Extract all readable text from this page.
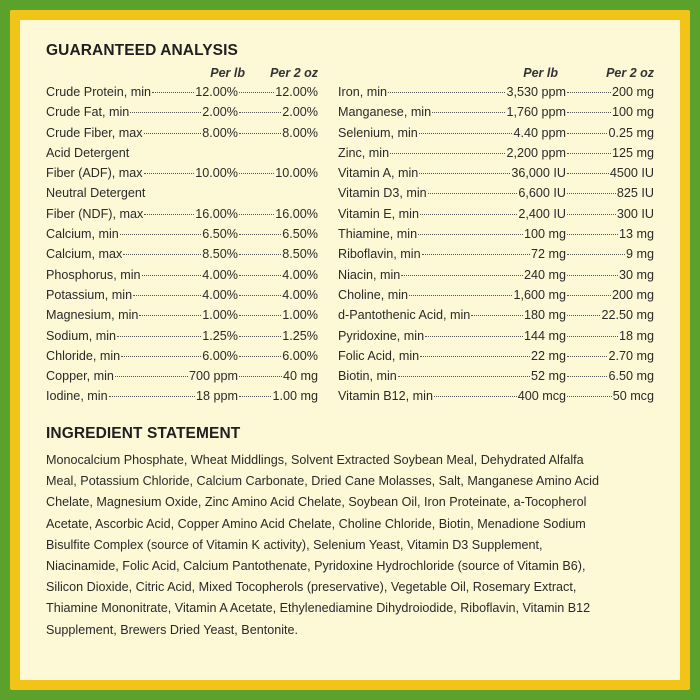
GUARANTEED ANALYSIS
Per lb	Per 2 oz	Per lb	Per 2 oz
Crude Protein, min	12.00%	12.00%
Crude Fat, min	2.00%	2.00%
Crude Fiber, max	8.00%	8.00%
Acid Detergent
Fiber (ADF), max	10.00%	10.00%
Neutral Detergent
Fiber (NDF), max	16.00%	16.00%
Calcium, min	6.50%	6.50%
Calcium, max	8.50%	8.50%
Phosphorus, min	4.00%	4.00%
Potassium, min	4.00%	4.00%
Magnesium, min	1.00%	1.00%
Sodium, min	1.25%	1.25%
Chloride, min	6.00%	6.00%
Copper, min	700 ppm	40 mg
Iodine, min	18 ppm	1.00 mg
Iron, min	3,530 ppm	200 mg
Manganese, min	1,760 ppm	100 mg
Selenium, min	4.40 ppm	0.25 mg
Zinc, min	2,200 ppm	125 mg
Vitamin A, min	36,000 IU	4500 IU
Vitamin D3, min	6,600 IU	825 IU
Vitamin E, min	2,400 IU	300 IU
Thiamine, min	100 mg	13 mg
Riboflavin, min	72 mg	9 mg
Niacin, min	240 mg	30 mg
Choline, min	1,600 mg	200 mg
d-Pantothenic Acid, min	180 mg	22.50 mg
Pyridoxine, min	144 mg	18 mg
Folic Acid, min	22 mg	2.70 mg
Biotin, min	52 mg	6.50 mg
Vitamin B12, min	400 mcg	50 mcg
INGREDIENT STATEMENT
Monocalcium Phosphate, Wheat Middlings, Solvent Extracted Soybean Meal, Dehydrated Alfalfa
Meal, Potassium Chloride, Calcium Carbonate, Dried Cane Molasses, Salt, Manganese Amino Acid
Chelate, Magnesium Oxide, Zinc Amino Acid Chelate, Soybean Oil, Iron Proteinate, a-Tocopherol
Acetate, Ascorbic Acid, Copper Amino Acid Chelate, Choline Chloride, Biotin, Menadione Sodium
Bisulfite Complex (source of Vitamin K activity), Selenium Yeast, Vitamin D3 Supplement,
Niacinamide, Folic Acid, Calcium Pantothenate, Pyridoxine Hydrochloride (source of Vitamin B6),
Silicon Dioxide, Citric Acid, Mixed Tocopherols (preservative), Vegetable Oil, Rosemary Extract,
Thiamine Mononitrate, Vitamin A Acetate, Ethylenediamine Dihydroiodide, Riboflavin, Vitamin B12
Supplement, Brewers Dried Yeast, Bentonite.
